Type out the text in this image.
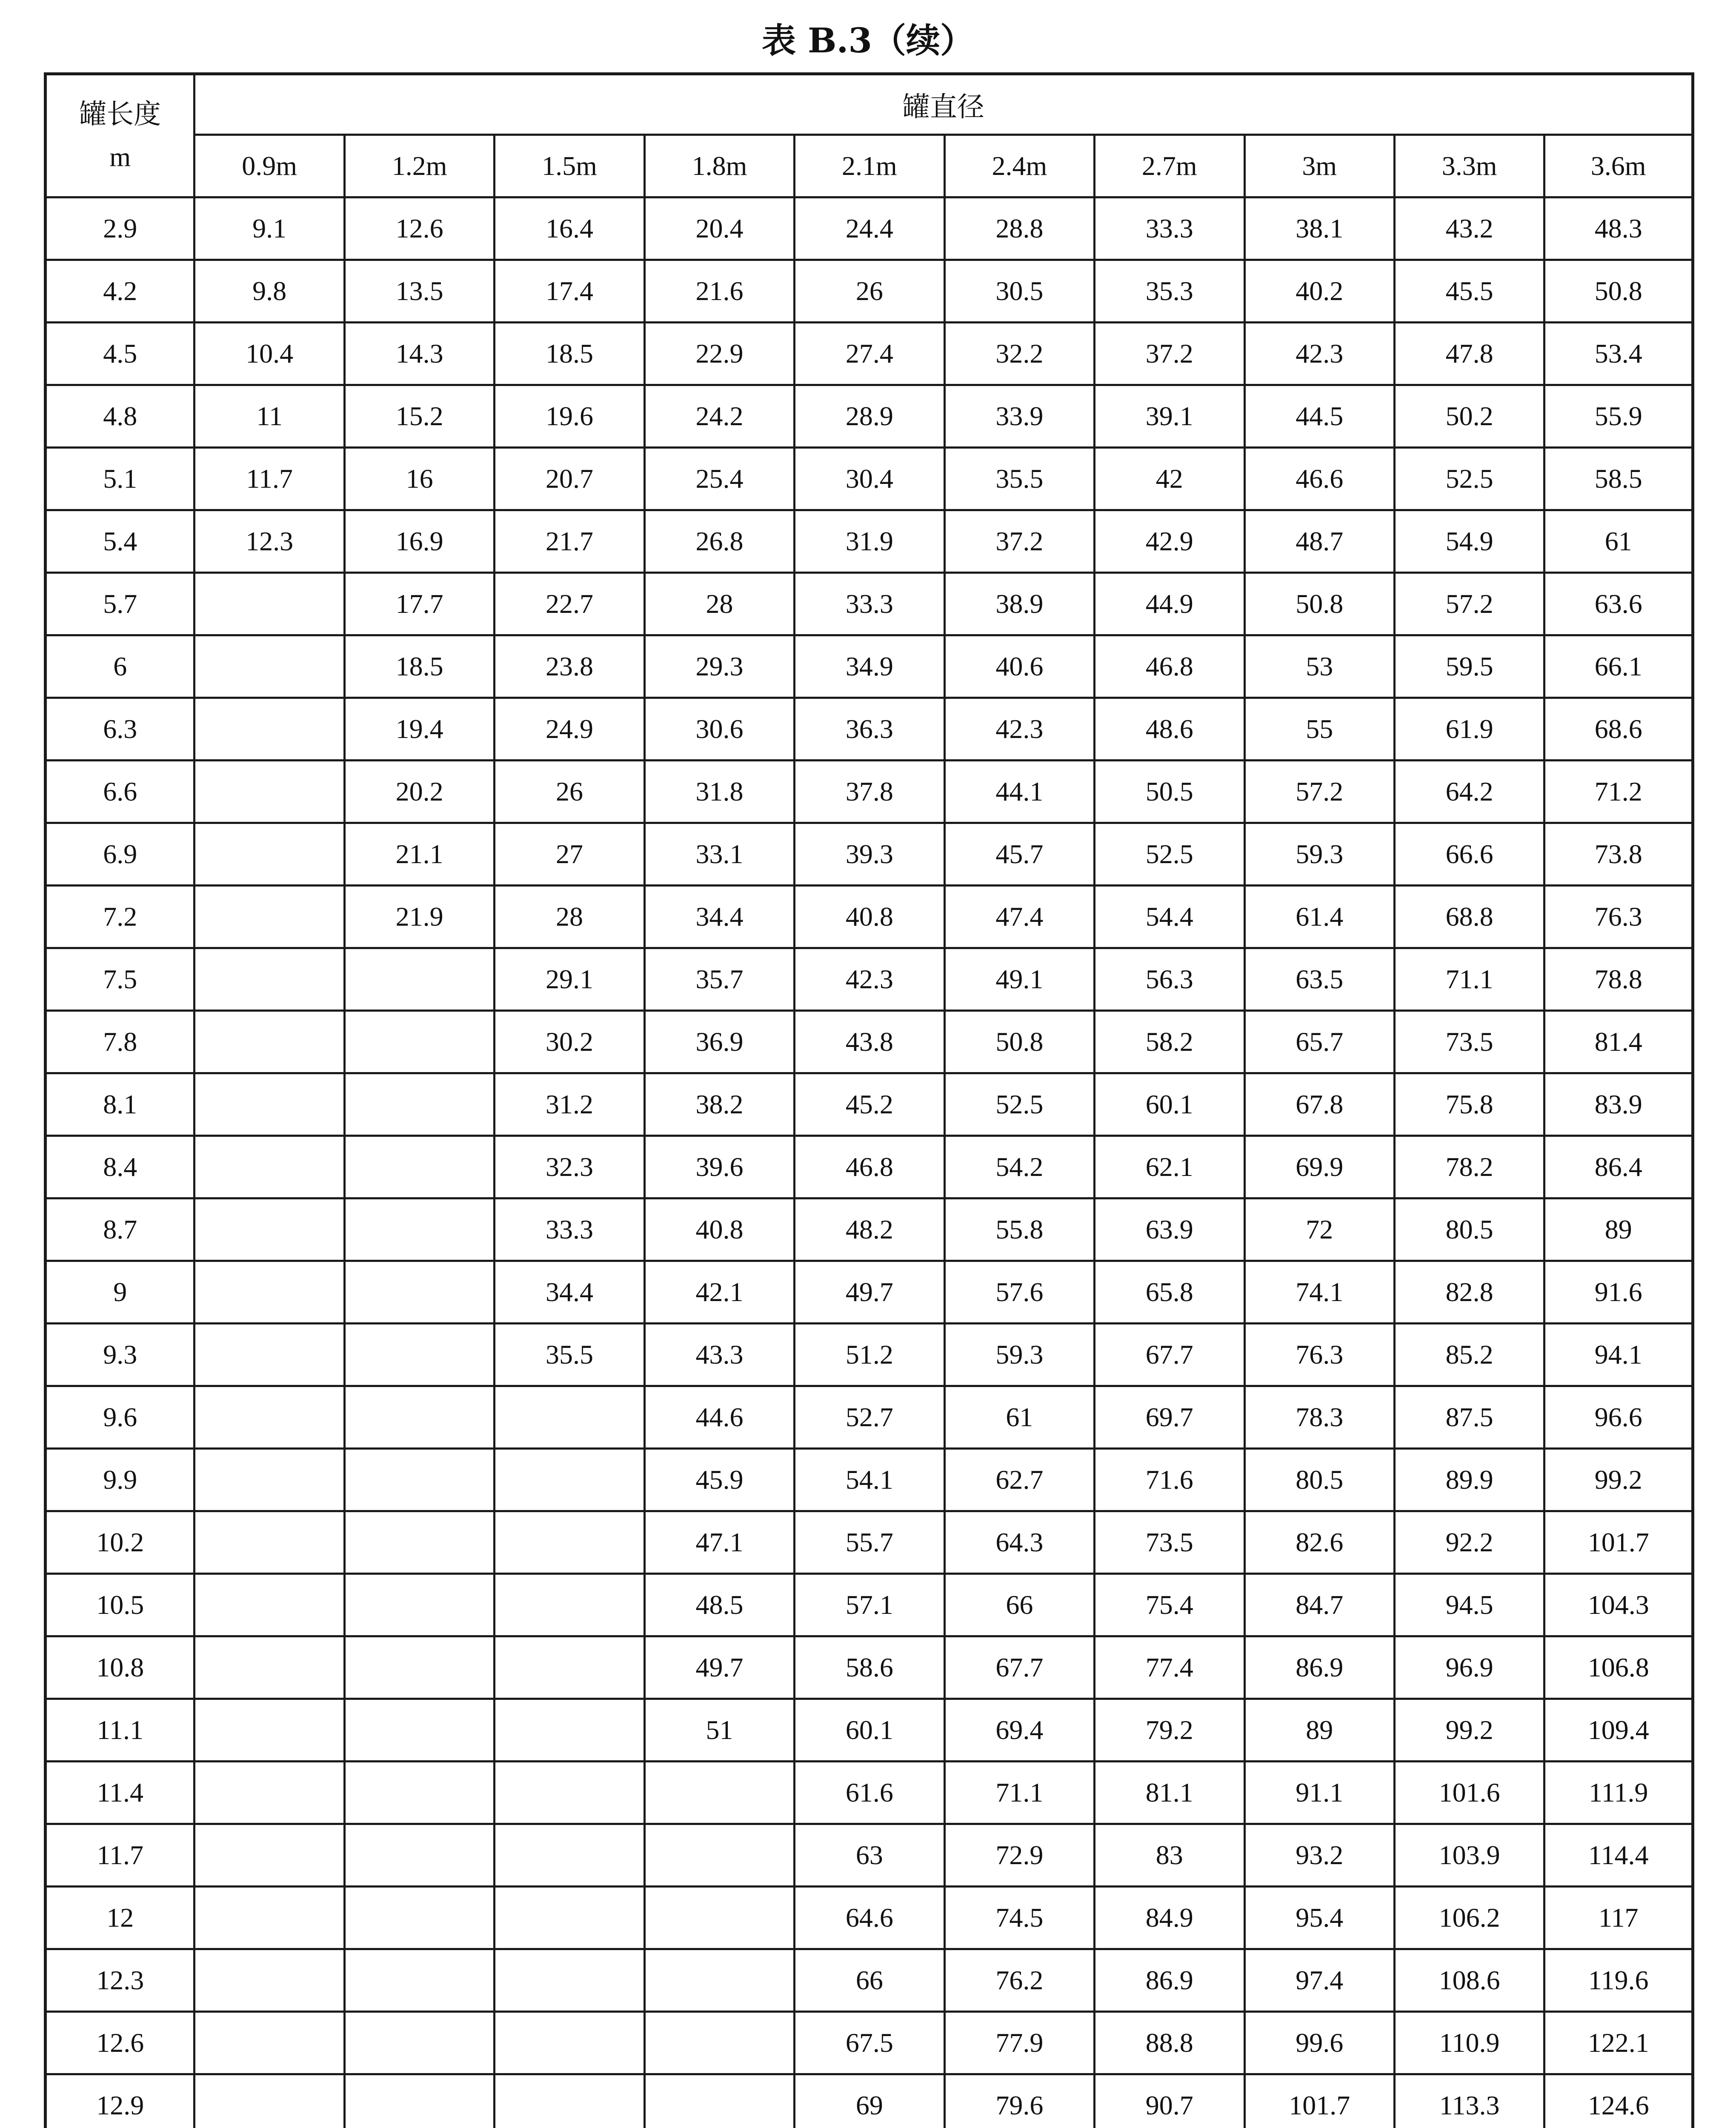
表 B.3（续）
罐长度
m	罐直径									
	0.9m	1.2m	1.5m	1.8m	2.1m	2.4m	2.7m	3m	3.3m	3.6m
2.9	9.1	12.6	16.4	20.4	24.4	28.8	33.3	38.1	43.2	48.3
4.2	9.8	13.5	17.4	21.6	26	30.5	35.3	40.2	45.5	50.8
4.5	10.4	14.3	18.5	22.9	27.4	32.2	37.2	42.3	47.8	53.4
4.8	11	15.2	19.6	24.2	28.9	33.9	39.1	44.5	50.2	55.9
5.1	11.7	16	20.7	25.4	30.4	35.5	42	46.6	52.5	58.5
5.4	12.3	16.9	21.7	26.8	31.9	37.2	42.9	48.7	54.9	61
5.7		17.7	22.7	28	33.3	38.9	44.9	50.8	57.2	63.6
6		18.5	23.8	29.3	34.9	40.6	46.8	53	59.5	66.1
6.3		19.4	24.9	30.6	36.3	42.3	48.6	55	61.9	68.6
6.6		20.2	26	31.8	37.8	44.1	50.5	57.2	64.2	71.2
6.9		21.1	27	33.1	39.3	45.7	52.5	59.3	66.6	73.8
7.2		21.9	28	34.4	40.8	47.4	54.4	61.4	68.8	76.3
7.5			29.1	35.7	42.3	49.1	56.3	63.5	71.1	78.8
7.8			30.2	36.9	43.8	50.8	58.2	65.7	73.5	81.4
8.1			31.2	38.2	45.2	52.5	60.1	67.8	75.8	83.9
8.4			32.3	39.6	46.8	54.2	62.1	69.9	78.2	86.4
8.7			33.3	40.8	48.2	55.8	63.9	72	80.5	89
9			34.4	42.1	49.7	57.6	65.8	74.1	82.8	91.6
9.3			35.5	43.3	51.2	59.3	67.7	76.3	85.2	94.1
9.6				44.6	52.7	61	69.7	78.3	87.5	96.6
9.9				45.9	54.1	62.7	71.6	80.5	89.9	99.2
10.2				47.1	55.7	64.3	73.5	82.6	92.2	101.7
10.5				48.5	57.1	66	75.4	84.7	94.5	104.3
10.8				49.7	58.6	67.7	77.4	86.9	96.9	106.8
11.1				51	60.1	69.4	79.2	89	99.2	109.4
11.4					61.6	71.1	81.1	91.1	101.6	111.9
11.7					63	72.9	83	93.2	103.9	114.4
12					64.6	74.5	84.9	95.4	106.2	117
12.3					66	76.2	86.9	97.4	108.6	119.6
12.6					67.5	77.9	88.8	99.6	110.9	122.1
12.9					69	79.6	90.7	101.7	113.3	124.6
